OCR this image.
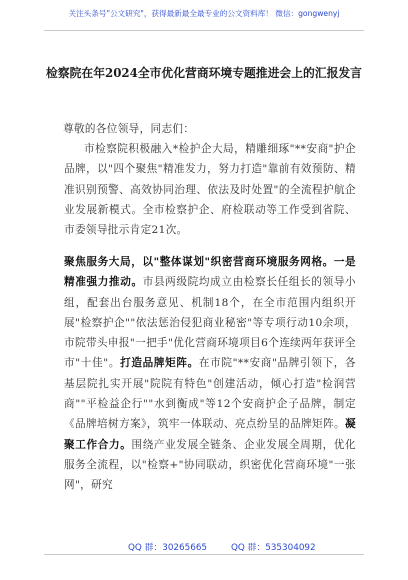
关注头条号"公文研究"，获得最新最全最专业的公文资料库！ 微信：gongwenyj
检察院在年2024全市优化营商环境专题推进会上的汇报发言
尊敬的各位领导，同志们：
市检察院积极融入*检护企大局，精雕细琢"**安商"护企品牌，以"四个聚焦"精准发力，努力打造"靠前有效预防、精准识别预警、高效协同治理、依法及时处置"的全流程护航企业发展新模式。全市检察护企、府检联动等工作受到省院、市委领导批示肯定21次。
聚焦服务大局，以"整体谋划"织密营商环境服务网格。一是精准强力推动。市县两级院均成立由检察长任组长的领导小组，配套出台服务意见、机制18个，在全市范围内组织开展"检察护企""依法惩治侵犯商业秘密"等专项行动10余项，市院带头申报"一把手"优化营商环境项目6个连续两年获评全市"十佳"。打造品牌矩阵。在市院"**安商"品牌引领下，各基层院扎实开展"院院有特色"创建活动，倾心打造"检润营商""平检益企行""水到衡成"等12个安商护企子品牌，制定《品牌培树方案》，筑牢一体联动、亮点纷呈的品牌矩阵。凝聚工作合力。围绕产业发展全链条、企业发展全周期，优化服务全流程，以"检察+"协同联动，织密优化营商环境"一张网"，研究
QQ 群：30265665	QQ 群：535304092
